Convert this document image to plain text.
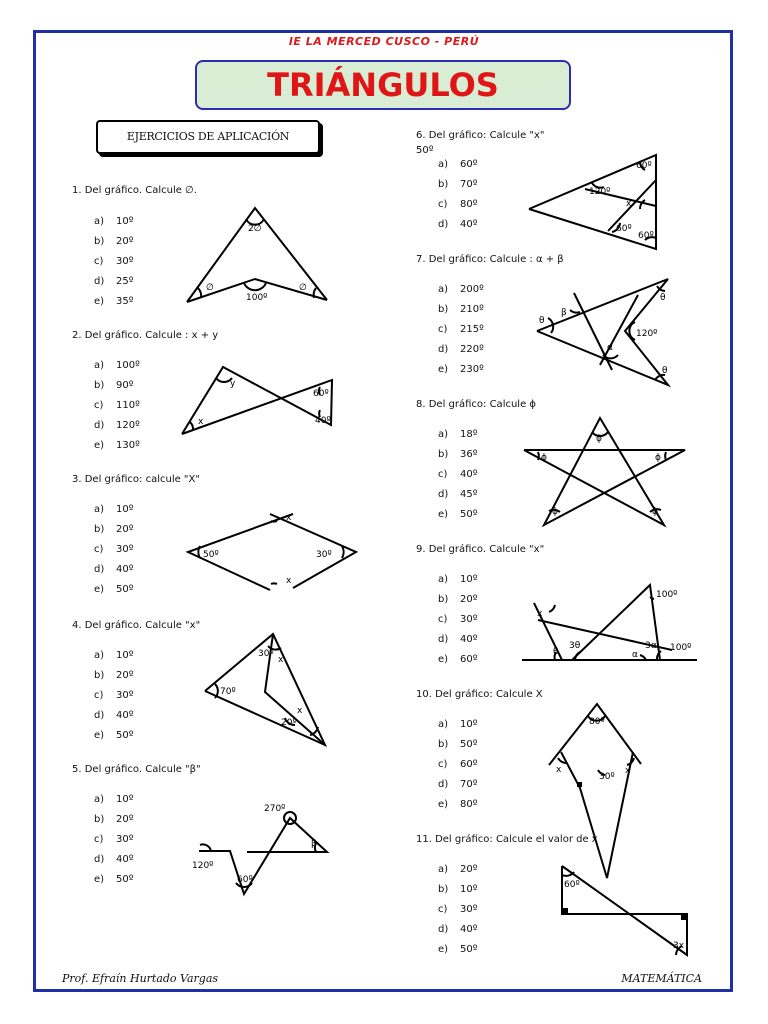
IE LA MERCED CUSCO - PERÚ
TRIÁNGULOS
EJERCICIOS DE APLICACIÓN
1. Del gráfico. Calcule ∅.
a) 10º
b) 20º
c) 30º
d) 25º
e) 35º
2. Del gráfico. Calcule : x + y
a) 100º
b) 90º
c) 110º
d) 120º
e) 130º
3. Del gráfico: calcule "X"
a) 10º
b) 20º
c) 30º
d) 40º
e) 50º
4. Del gráfico. Calcule "x"
a) 10º
b) 20º
c) 30º
d) 40º
e) 50º
5. Del gráfico. Calcule "β"
a) 10º
b) 20º
c) 30º
d) 40º
e) 50º
6. Del gráfico: Calcule "x"
50º
a) 60º
b) 70º
c) 80º
d) 40º
7. Del gráfico: Calcule : α + β
a) 200º
b) 210º
c) 215º
d) 220º
e) 230º
8. Del gráfico: Calcule ϕ
a) 18º
b) 36º
c) 40º
d) 45º
e) 50º
9. Del gráfico. Calcule "x"
a) 10º
b) 20º
c) 30º
d) 40º
e) 60º
10. Del gráfico: Calcule X
a) 10º
b) 50º
c) 60º
d) 70º
e) 80º
11. Del gráfico: Calcule el valor de x
a) 20º
b) 10º
c) 30º
d) 40º
e) 50º
2∅
∅	∅
100º
y
x
60º
40º
x
50º	30º
x
30º
x
70º
20º
x
270º
β
120º
60º
60º
120º
x
60º
60º
θ
β
θ
120º
α
θ
ϕ
ϕ	ϕ
ϕ	ϕ
x
100º
3θ
θ
3α
α
100º
80º
x
30º
x
60º
3x
Prof. Efraín Hurtado Vargas	MATEMÁTICA
